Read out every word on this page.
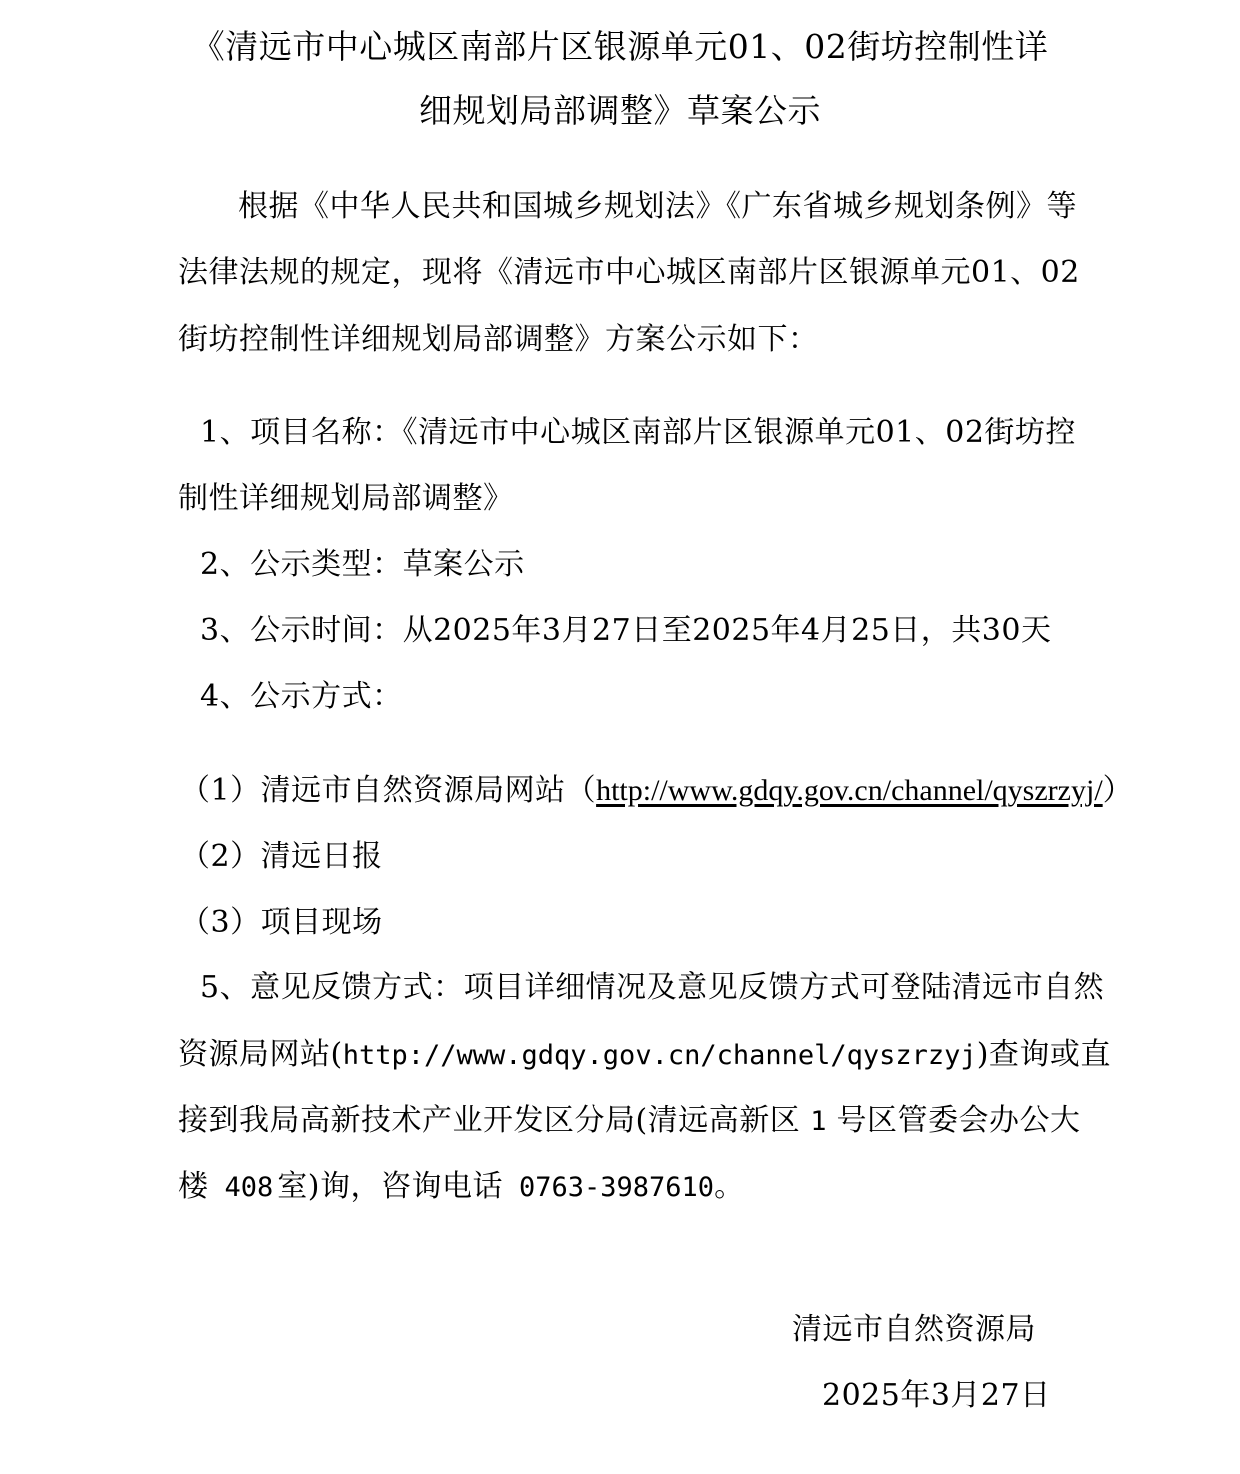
《清远市中心城区南部片区银源单元01、02街坊控制性详
细规划局部调整》草案公示
根据《中华人民共和国城乡规划法》《广东省城乡规划条例》等
法律法规的规定，现将《清远市中心城区南部片区银源单元01、02
街坊控制性详细规划局部调整》方案公示如下：
1、项目名称：《清远市中心城区南部片区银源单元01、02街坊控
制性详细规划局部调整》
2、公示类型：草案公示
3、公示时间：从2025年3月27日至2025年4月25日，共30天
4、公示方式：
（1）清远市自然资源局网站（http://www.gdqy.gov.cn/channel/qyszrzyj/）
（2）清远日报
（3）项目现场
5、意见反馈方式：项目详细情况及意见反馈方式可登陆清远市自然
资源局网站(http://www.gdqy.gov.cn/channel/qyszrzyj)查询或直
接到我局高新技术产业开发区分局(清远高新区 1 号区管委会办公大
楼 408 室)询，咨询电话 0763-3987610。
清远市自然资源局
2025年3月27日
